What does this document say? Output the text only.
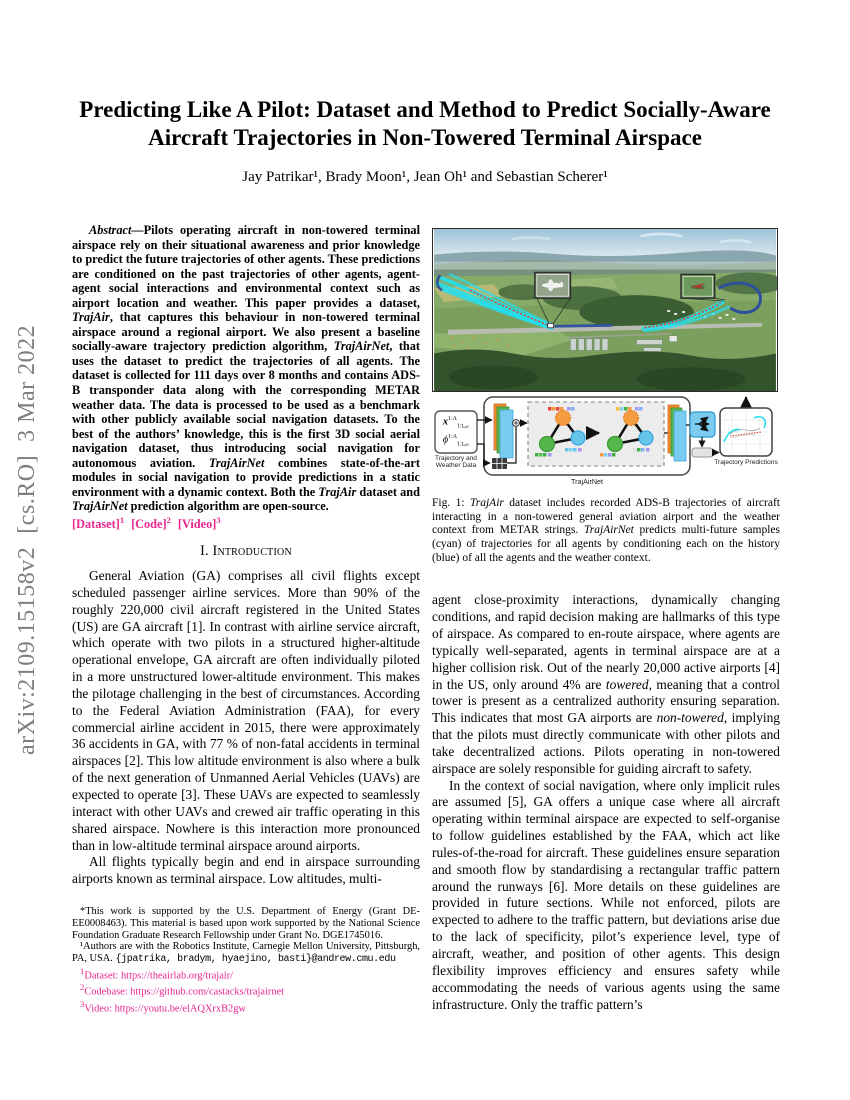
arXiv:2109.15158v2  [cs.RO]  3 Mar 2022
Predicting Like A Pilot: Dataset and Method to Predict Socially-Aware Aircraft Trajectories in Non-Towered Terminal Airspace
Jay Patrikar¹, Brady Moon¹, Jean Oh¹ and Sebastian Scherer¹

Abstract—Pilots operating aircraft in non-towered terminal airspace rely on their situational awareness and prior knowledge to predict the future trajectories of other agents. These predictions are conditioned on the past trajectories of other agents, agent-agent social interactions and environmental context such as airport location and weather. This paper provides a dataset, TrajAir, that captures this behaviour in non-towered terminal airspace around a regional airport. We also present a baseline socially-aware trajectory prediction algorithm, TrajAirNet, that uses the dataset to predict the trajectories of all agents. The dataset is collected for 111 days over 8 months and contains ADS-B transponder data along with the corresponding METAR weather data. The data is processed to be used as a benchmark with other publicly available social navigation datasets. To the best of the authors’ knowledge, this is the first 3D social aerial navigation dataset, thus introducing social navigation for autonomous aviation. TrajAirNet combines state-of-the-art modules in social navigation to provide predictions in a static environment with a dynamic context. Both the TrajAir dataset and TrajAirNet prediction algorithm are open-source.

[Dataset]$^1$ [Code]$^2$ [Video]$^3$

I. Introduction

General Aviation (GA) comprises all civil flights except scheduled passenger airline services. More than 90% of the roughly 220,000 civil aircraft registered in the United States (US) are GA aircraft [1]. In contrast with airline service aircraft, which operate with two pilots in a structured higher-altitude operational envelope, GA aircraft are often individually piloted in a more unstructured lower-altitude environment. This makes the pilotage challenging in the best of circumstances. According to the Federal Aviation Administration (FAA), for every commercial airline accident in 2015, there were approximately 36 accidents in GA, with 77 % of non-fatal accidents in terminal airspaces [2]. This low altitude environment is also where a bulk of the next generation of Unmanned Aerial Vehicles (UAVs) are expected to operate [3]. These UAVs are expected to seamlessly interact with other UAVs and crewed air traffic operating in this shared airspace. Nowhere is this interaction more pronounced than in low-altitude terminal airspace around airports.

All flights typically begin and end in airspace surrounding airports known as terminal airspace. Low altitudes, multi-

*This work is supported by the U.S. Department of Energy (Grant DE-EE0008463). This material is based upon work supported by the National Science Foundation Graduate Research Fellowship under Grant No. DGE1745016.

¹Authors are with the Robotics Institute, Carnegie Mellon University, Pittsburgh, PA, USA. {jpatrika, bradym, hyaejino, basti}@andrew.cmu.edu

$^1$Dataset: https://theairlab.org/trajair/

$^2$Codebase: https://github.com/castacks/trajairnet

$^3$Video: https://youtu.be/elAQXrxB2gw

$x^{1:A}_{1:t_oᵦ_s}$
$\phi^{1:A}_{1:t_oᵦ_s}$
Trajectory and Weather Data
TrajAirNet
Trajectory Predictions

Fig. 1: TrajAir dataset includes recorded ADS-B trajectories of aircraft interacting in a non-towered general aviation airport and the weather context from METAR strings. TrajAirNet predicts multi-future samples (cyan) of trajectories for all agents by conditioning each on the history (blue) of all the agents and the weather context.

agent close-proximity interactions, dynamically changing conditions, and rapid decision making are hallmarks of this type of airspace. As compared to en-route airspace, where agents are typically well-separated, agents in terminal airspace are at a higher collision risk. Out of the nearly 20,000 active airports [4] in the US, only around 4% are towered, meaning that a control tower is present as a centralized authority ensuring separation. This indicates that most GA airports are non-towered, implying that the pilots must directly communicate with other pilots and take decentralized actions. Pilots operating in non-towered airspace are solely responsible for guiding aircraft to safety.

In the context of social navigation, where only implicit rules are assumed [5], GA offers a unique case where all aircraft operating within terminal airspace are expected to self-organise to follow guidelines established by the FAA, which act like rules-of-the-road for aircraft. These guidelines ensure separation and smooth flow by standardising a rectangular traffic pattern around the runways [6]. More details on these guidelines are provided in future sections. While not enforced, pilots are expected to adhere to the traffic pattern, but deviations arise due to the lack of specificity, pilot’s experience level, type of aircraft, weather, and position of other agents. This design flexibility improves efficiency and ensures safety while accommodating the needs of various agents using the same infrastructure. Only the traffic pattern’s
